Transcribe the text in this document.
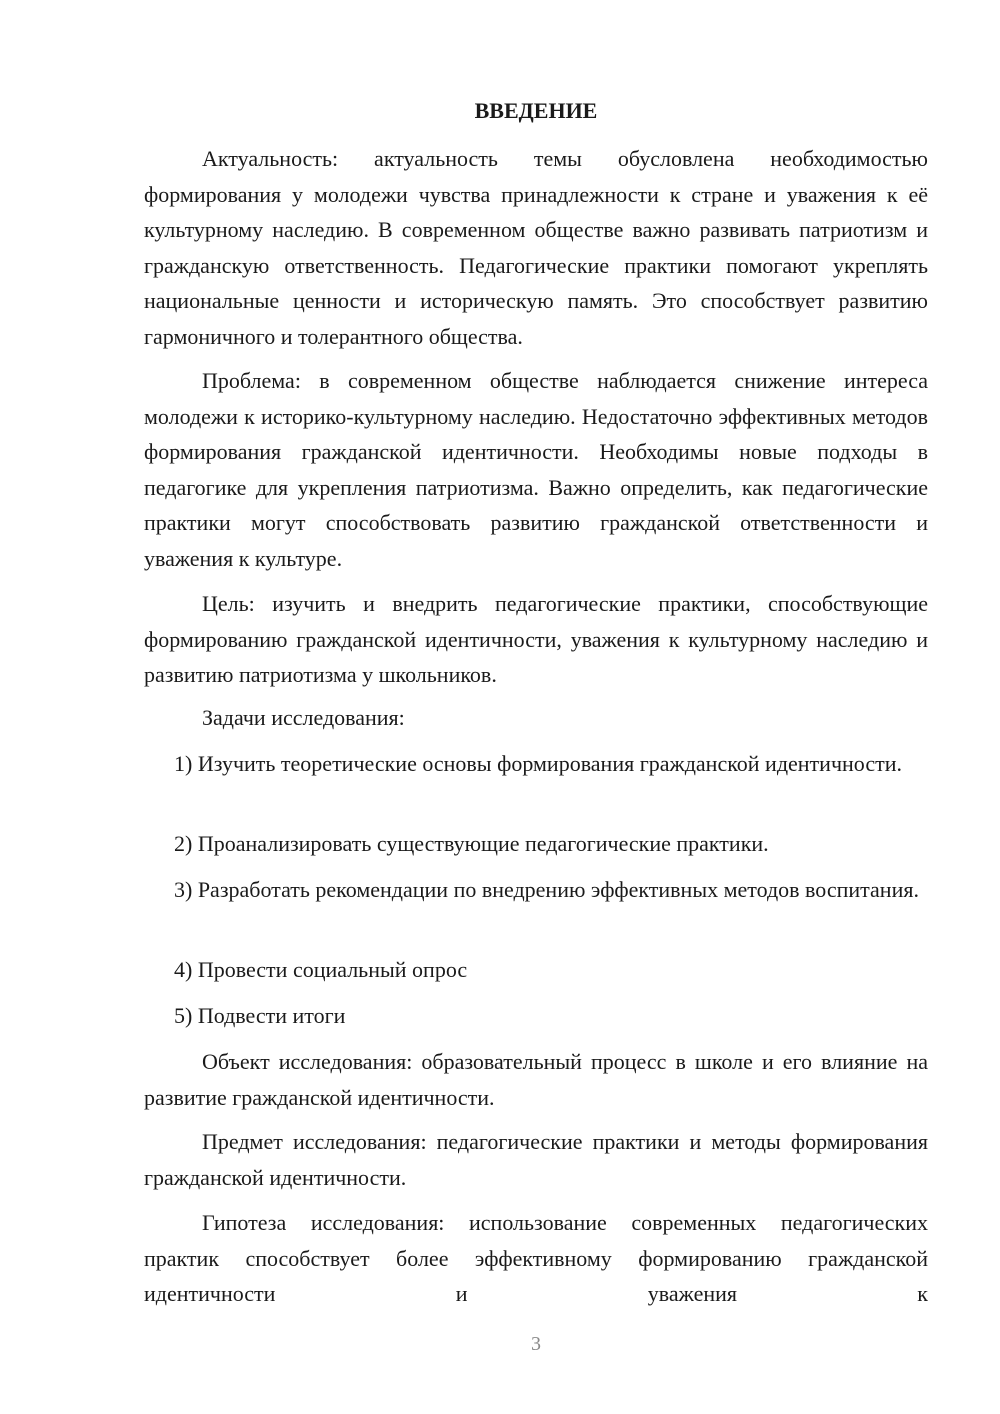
ВВЕДЕНИЕ

Актуальность: актуальность темы обусловлена необходимостью формирования у молодежи чувства принадлежности к стране и уважения к её культурному наследию. В современном обществе важно развивать патриотизм и гражданскую ответственность. Педагогические практики помогают укреплять национальные ценности и историческую память. Это способствует развитию гармоничного и толерантного общества.

Проблема: в современном обществе наблюдается снижение интереса молодежи к историко-культурному наследию. Недостаточно эффективных методов формирования гражданской идентичности. Необходимы новые подходы в педагогике для укрепления патриотизма. Важно определить, как педагогические практики могут способствовать развитию гражданской ответственности и уважения к культуре.

Цель: изучить и внедрить педагогические практики, способствующие формированию гражданской идентичности, уважения к культурному наследию и развитию патриотизма у школьников.

Задачи исследования:

1) Изучить теоретические основы формирования гражданской идентичности.

2) Проанализировать существующие педагогические практики.

3) Разработать рекомендации по внедрению эффективных методов воспитания.

4) Провести социальный опрос

5) Подвести итоги

Объект исследования: образовательный процесс в школе и его влияние на развитие гражданской идентичности.

Предмет исследования: педагогические практики и методы формирования гражданской идентичности.

Гипотеза исследования: использование современных педагогических практик способствует более эффективному формированию гражданской идентичности и уважения к

3
